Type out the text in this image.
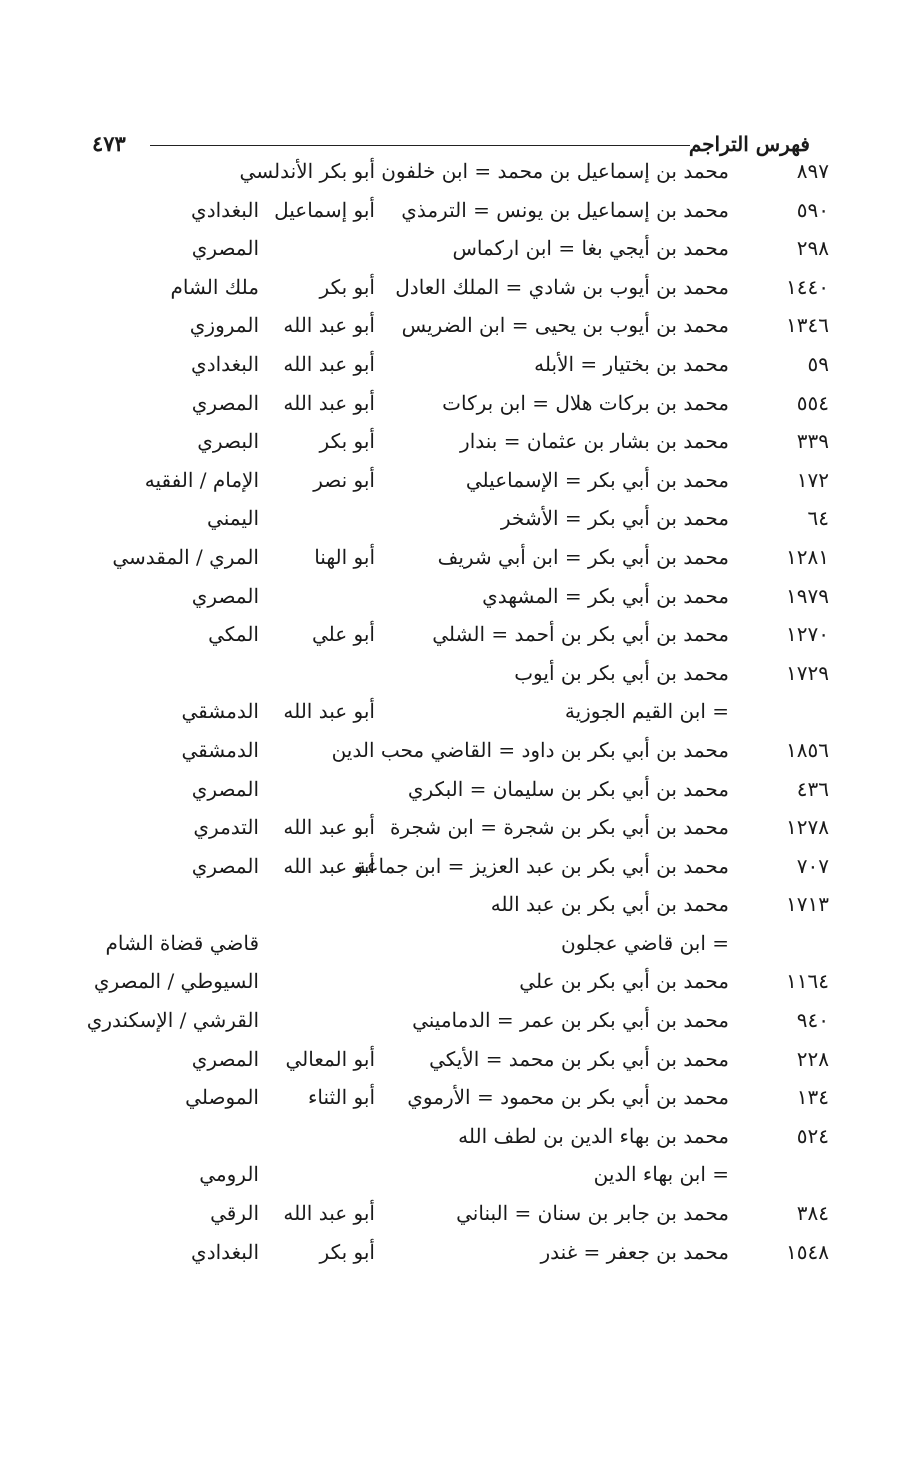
فهرس التراجم
٤٧٣
٨٩٧
محمد بن إسماعيل بن محمد = ابن خلفون
أبو بكر الأندلسي
٥٩٠
محمد بن إسماعيل بن يونس = الترمذي
أبو إسماعيل
البغدادي
٢٩٨
محمد بن أيجي بغا = ابن اركماس
المصري
١٤٤٠
محمد بن أيوب بن شادي = الملك العادل
أبو بكر
ملك الشام
١٣٤٦
محمد بن أيوب بن يحيى = ابن الضريس
أبو عبد الله
المروزي
٥٩
محمد بن بختيار = الأبله
أبو عبد الله
البغدادي
٥٥٤
محمد بن بركات هلال = ابن بركات
أبو عبد الله
المصري
٣٣٩
محمد بن بشار بن عثمان = بندار
أبو بكر
البصري
١٧٢
محمد بن أبي بكر = الإسماعيلي
أبو نصر
الإمام / الفقيه
٦٤
محمد بن أبي بكر = الأشخر
اليمني
١٢٨١
محمد بن أبي بكر = ابن أبي شريف
أبو الهنا
المري / المقدسي
١٩٧٩
محمد بن أبي بكر = المشهدي
المصري
١٢٧٠
محمد بن أبي بكر بن أحمد = الشلي
أبو علي
المكي
١٧٢٩
محمد بن أبي بكر بن أيوب
= ابن القيم الجوزية
أبو عبد الله
الدمشقي
١٨٥٦
محمد بن أبي بكر بن داود = القاضي محب الدين
الدمشقي
٤٣٦
محمد بن أبي بكر بن سليمان = البكري
المصري
١٢٧٨
محمد بن أبي بكر بن شجرة = ابن شجرة
أبو عبد الله
التدمري
٧٠٧
محمد بن أبي بكر بن عبد العزيز = ابن جماعة
أبو عبد الله
المصري
١٧١٣
محمد بن أبي بكر بن عبد الله
= ابن قاضي عجلون
قاضي قضاة الشام
١١٦٤
محمد بن أبي بكر بن علي
السيوطي / المصري
٩٤٠
محمد بن أبي بكر بن عمر = الدماميني
القرشي / الإسكندري
٢٢٨
محمد بن أبي بكر بن محمد = الأيكي
أبو المعالي
المصري
١٣٤
محمد بن أبي بكر بن محمود = الأرموي
أبو الثناء
الموصلي
٥٢٤
محمد بن بهاء الدين بن لطف الله
= ابن بهاء الدين
الرومي
٣٨٤
محمد بن جابر بن سنان = البناني
أبو عبد الله
الرقي
١٥٤٨
محمد بن جعفر = غندر
أبو بكر
البغدادي
